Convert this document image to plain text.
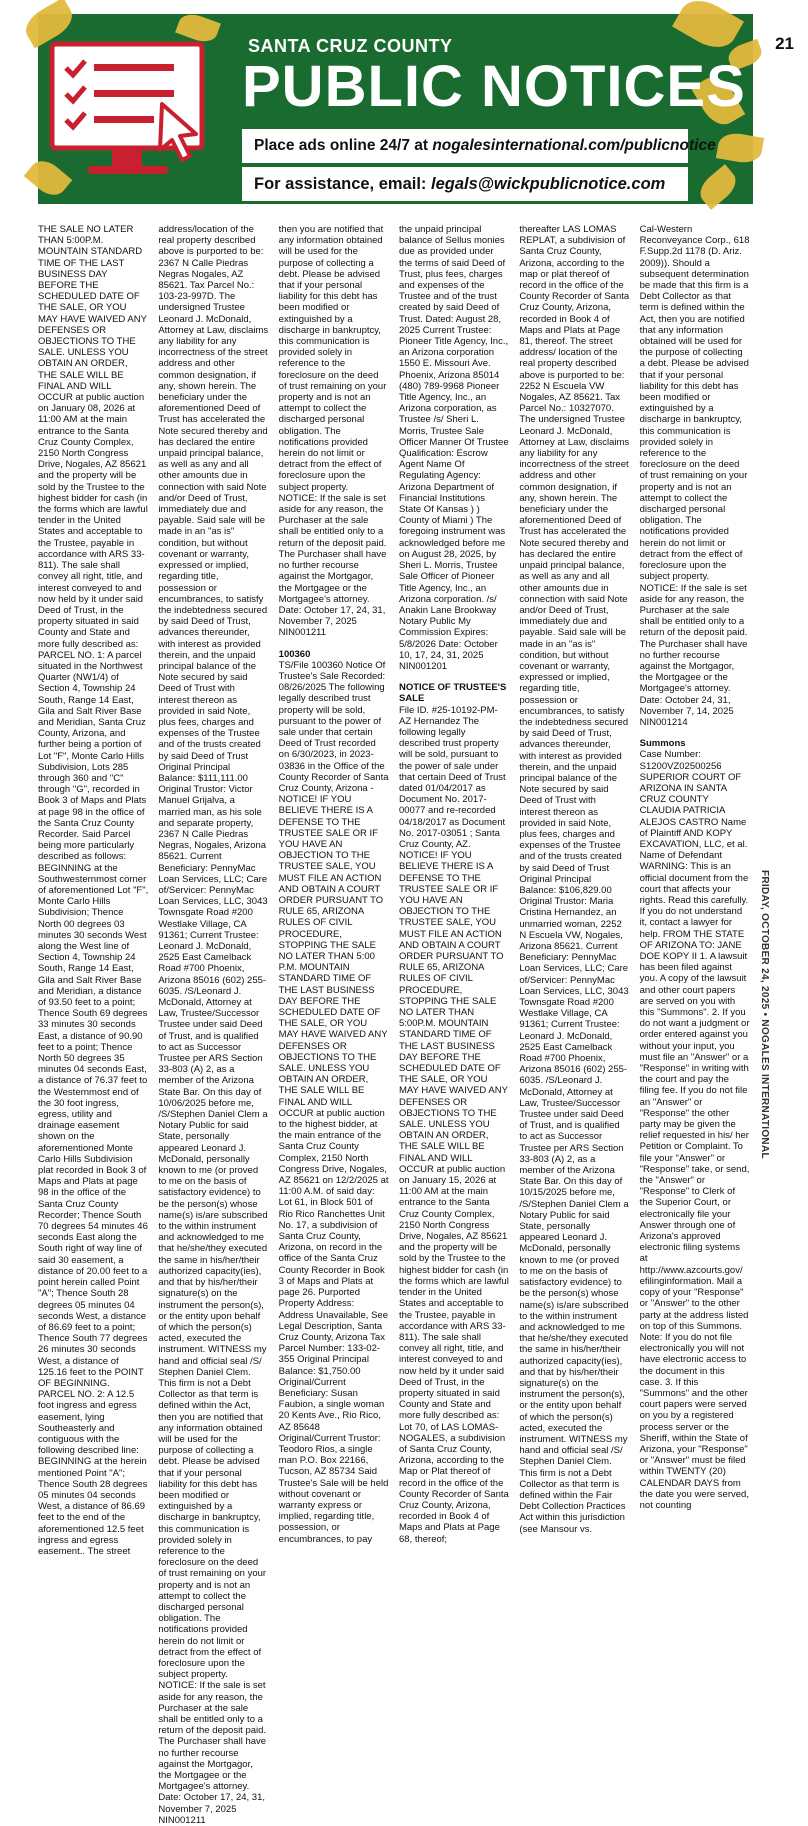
21
SANTA CRUZ COUNTY
PUBLIC NOTICES
Place ads online 24/7 at nogalesinternational.com/publicnotice
For assistance, email: legals@wickpublicnotice.com

THE SALE NO LATER THAN 5:00P.M. MOUNTAIN STANDARD TIME OF THE LAST BUSINESS DAY BEFORE THE SCHEDULED DATE OF THE SALE, OR YOU MAY HAVE WAIVED ANY DEFENSES OR OBJECTIONS TO THE SALE. UNLESS YOU OBTAIN AN ORDER, THE SALE WILL BE FINAL AND WILL OCCUR at public auction on January 08, 2026 at 11:00 AM at the main entrance to the Santa Cruz County Complex, 2150 North Congress Drive, Nogales, AZ 85621 and the property will be sold by the Trustee to the highest bidder for cash (in the forms which are lawful tender in the United States and acceptable to the Trustee, payable in accordance with ARS 33-811). The sale shall convey all right, title, and interest conveyed to and now held by it under said Deed of Trust, in the property situated in said County and State and more fully described as: PARCEL NO. 1: A parcel situated in the Northwest Quarter (NW1/4) of Section 4, Township 24 South, Range 14 East, Gila and Salt River Base and Meridian, Santa Cruz County, Arizona, and further being a portion of Lot "F", Monte Carlo Hills Subdivision, Lots 285 through 360 and "C" through "G", recorded in Book 3 of Maps and Plats at page 98 in the office of the Santa Cruz County Recorder. Said Parcel being more particularly described as follows: BEGINNING at the Southwesternmost corner of aforementioned Lot "F", Monte Carlo Hills Subdivision; Thence North 00 degrees 03 minutes 30 seconds West along the West line of Section 4, Township 24 South, Range 14 East, Gila and Salt River Base and Meridian, a distance of 93.50 feet to a point; Thence South 69 degrees 33 minutes 30 seconds East, a distance of 90.90 feet to a point; Thence North 50 degrees 35 minutes 04 seconds East, a distance of 76.37 feet to the Westernmost end of the 30 foot ingress, egress, utility and drainage easement shown on the aforementioned Monte Carlo Hills Subdivision plat recorded in Book 3 of Maps and Plats at page 98 in the office of the Santa Cruz County Recorder; Thence South 70 degrees 54 minutes 46 seconds East along the South right of way line of said 30 easement, a distance of 20.00 feet to a point herein called Point "A"; Thence South 28 degrees 05 minutes 04 seconds West, a distance of 86.69 feet to a point; Thence South 77 degrees 26 minutes 30 seconds West, a distance of 125.16 feet to the POINT OF BEGINNING. PARCEL NO. 2: A 12.5 foot ingress and egress easement, lying Southeasterly and contiguous with the following described line: BEGINNING at the herein mentioned Point "A"; Thence South 28 degrees 05 minutes 04 seconds West, a distance of 86.69 feet to the end of the aforementioned 12.5 feet ingress and egress easement.. The street

address/location of the real property described above is purported to be: 2367 N Calle Piedras Negras Nogales, AZ 85621. Tax Parcel No.: 103-23-997D. The undersigned Trustee Leonard J. McDonald, Attorney at Law, disclaims any liability for any incorrectness of the street address and other common designation, if any, shown herein. The beneficiary under the aforementioned Deed of Trust has accelerated the Note secured thereby and has declared the entire unpaid principal balance, as well as any and all other amounts due in connection with said Note and/or Deed of Trust, immediately due and payable. Said sale will be made in an "as is" condition, but without covenant or warranty, expressed or implied, regarding title, possession or encumbrances, to satisfy the indebtedness secured by said Deed of Trust, advances thereunder, with interest as provided therein, and the unpaid principal balance of the Note secured by said Deed of Trust with interest thereon as provided in said Note, plus fees, charges and expenses of the Trustee and of the trusts created by said Deed of Trust Original Principal Balance: $111,111.00 Original Trustor: Victor Manuel Grijalva, a married man, as his sole and separate property, 2367 N Calle Piedras Negras, Nogales, Arizona 85621. Current Beneficiary: PennyMac Loan Services, LLC; Care of/Servicer: PennyMac Loan Services, LLC, 3043 Townsgate Road #200 Westlake Village, CA 91361; Current Trustee: Leonard J. McDonald, 2525 East Camelback Road #700 Phoenix, Arizona 85016 (602) 255-6035. /S/Leonard J. McDonald, Attorney at Law, Trustee/Successor Trustee under said Deed of Trust, and is qualified to act as Successor Trustee per ARS Section 33-803 (A) 2, as a member of the Arizona State Bar. On this day of 10/06/2025 before me, /S/Stephen Daniel Clem a Notary Public for said State, personally appeared Leonard J. McDonald, personally known to me (or proved to me on the basis of satisfactory evidence) to be the person(s) whose name(s) is/are subscribed to the within instrument and acknowledged to me that he/she/they executed the same in his/her/their authorized capacity(ies), and that by his/her/their signature(s) on the instrument the person(s), or the entity upon behalf of which the person(s) acted, executed the instrument. WITNESS my hand and official seal /S/ Stephen Daniel Clem. This firm is not a Debt Collector as that term is defined within the Act, then you are notified that any information obtained will be used for the purpose of collecting a debt. Please be advised that if your personal liability for this debt has been modified or extinguished by a discharge in bankruptcy, this communication is provided solely in reference to the foreclosure on the deed of trust remaining on your property and is not an attempt to collect the discharged personal obligation. The notifications provided herein do not limit or detract from the effect of foreclosure upon the subject property. NOTICE: If the sale is set aside for any reason, the Purchaser at the sale shall be entitled only to a return of the deposit paid. The Purchaser shall have no further recourse against the Mortgagor, the Mortgagee or the Mortgagee's attorney. Date: October 17, 24, 31, November 7, 2025 NIN001211

then you are notified that any information obtained will be used for the purpose of collecting a debt. Please be advised that if your personal liability for this debt has been modified or extinguished by a discharge in bankruptcy, this communication is provided solely in reference to the foreclosure on the deed of trust remaining on your property and is not an attempt to collect the discharged personal obligation. The notifications provided herein do not limit or detract from the effect of foreclosure upon the subject property. NOTICE: If the sale is set aside for any reason, the Purchaser at the sale shall be entitled only to a return of the deposit paid. The Purchaser shall have no further recourse against the Mortgagor, the Mortgagee or the Mortgagee's attorney. Date: October 17, 24, 31, November 7, 2025 NIN001211

100360

TS/File 100360 Notice Of Trustee's Sale Recorded: 08/26/2025 The following legally described trust property will be sold, pursuant to the power of sale under that certain Deed of Trust recorded on 6/30/2023, in 2023-03836 in the Office of the County Recorder of Santa Cruz County, Arizona - NOTICE! IF YOU BELIEVE THERE IS A DEFENSE TO THE TRUSTEE SALE OR IF YOU HAVE AN OBJECTION TO THE TRUSTEE SALE, YOU MUST FILE AN ACTION AND OBTAIN A COURT ORDER PURSUANT TO RULE 65, ARIZONA RULES OF CIVIL PROCEDURE, STOPPING THE SALE NO LATER THAN 5:00 P.M. MOUNTAIN STANDARD TIME OF THE LAST BUSINESS DAY BEFORE THE SCHEDULED DATE OF THE SALE, OR YOU MAY HAVE WAIVED ANY DEFENSES OR OBJECTIONS TO THE SALE. UNLESS YOU OBTAIN AN ORDER, THE SALE WILL BE FINAL AND WILL OCCUR at public auction to the highest bidder, at the main entrance of the Santa Cruz County Complex, 2150 North Congress Drive, Nogales, AZ 85621 on 12/2/2025 at 11:00 A.M. of said day: Lot 61, in Block 501 of Rio Rico Ranchettes Unit No. 17, a subdivision of Santa Cruz County, Arizona, on record in the office of the Santa Cruz County Recorder in Book 3 of Maps and Plats at page 26. Purported Property Address: Address Unavailable, See Legal Description, Santa Cruz County, Arizona Tax Parcel Number: 133-02-355 Original Principal Balance: $1,750.00 Original/Current Beneficiary: Susan Faubion, a single woman 20 Kents Ave., Rio Rico, AZ 85648 Original/Current Trustor: Teodoro Rios, a single man P.O. Box 22166, Tucson, AZ 85734 Said Trustee's Sale will be held without covenant or warranty express or implied, regarding title, possession, or encumbrances, to pay

the unpaid principal balance of Sellus monies due as provided under the terms of said Deed of Trust, plus fees, charges and expenses of the Trustee and of the trust created by said Deed of Trust. Dated: August 28, 2025 Current Trustee: Pioneer Title Agency, Inc., an Arizona corporation 1550 E. Missouri Ave. Phoenix, Arizona 85014 (480) 789-9968 Pioneer Title Agency, Inc., an Arizona corporation, as Trustee /s/ Sheri L. Morris, Trustee Sale Officer Manner Of Trustee Qualification: Escrow Agent Name Of Regulating Agency: Arizona Department of Financial Institutions State Of Kansas ) ) County of Miami ) The foregoing instrument was acknowledged before me on August 28, 2025, by Sheri L. Morris, Trustee Sale Officer of Pioneer Title Agency, Inc., an Arizona corporation. /s/ Anakin Lane Brookway Notary Public My Commission Expires: 5/8/2026 Date: October 10, 17, 24, 31, 2025 NIN001201

NOTICE OF TRUSTEE'S SALE

File ID. #25-10192-PM-AZ Hernandez The following legally described trust property will be sold, pursuant to the power of sale under that certain Deed of Trust dated 01/04/2017 as Document No. 2017-00077 and re-recorded 04/18/2017 as Document No. 2017-03051 ; Santa Cruz County, AZ. NOTICE! IF YOU BELIEVE THERE IS A DEFENSE TO THE TRUSTEE SALE OR IF YOU HAVE AN OBJECTION TO THE TRUSTEE SALE, YOU MUST FILE AN ACTION AND OBTAIN A COURT ORDER PURSUANT TO RULE 65, ARIZONA RULES OF CIVIL PROCEDURE, STOPPING THE SALE NO LATER THAN 5:00P.M. MOUNTAIN STANDARD TIME OF THE LAST BUSINESS DAY BEFORE THE SCHEDULED DATE OF THE SALE, OR YOU MAY HAVE WAIVED ANY DEFENSES OR OBJECTIONS TO THE SALE. UNLESS YOU OBTAIN AN ORDER, THE SALE WILL BE FINAL AND WILL OCCUR at public auction on January 15, 2026 at 11:00 AM at the main entrance to the Santa Cruz County Complex, 2150 North Congress Drive, Nogales, AZ 85621 and the property will be sold by the Trustee to the highest bidder for cash (in the forms which are lawful tender in the United States and acceptable to the Trustee, payable in accordance with ARS 33-811). The sale shall convey all right, title, and interest conveyed to and now held by it under said Deed of Trust, in the property situated in said County and State and more fully described as: Lot 70, of LAS LOMAS-NOGALES, a subdivision of Santa Cruz County, Arizona, according to the Map or Plat thereof of record in the office of the County Recorder of Santa Cruz County, Arizona, recorded in Book 4 of Maps and Plats at Page 68, thereof;

thereafter LAS LOMAS REPLAT, a subdivision of Santa Cruz County, Arizona, according to the map or plat thereof of record in the office of the County Recorder of Santa Cruz County, Arizona, recorded in Book 4 of Maps and Plats at Page 81, thereof. The street address/ location of the real property described above is purported to be: 2252 N Escuela VW Nogales, AZ 85621. Tax Parcel No.: 10327070. The undersigned Trustee Leonard J. McDonald, Attorney at Law, disclaims any liability for any incorrectness of the street address and other common designation, if any, shown herein. The beneficiary under the aforementioned Deed of Trust has accelerated the Note secured thereby and has declared the entire unpaid principal balance, as well as any and all other amounts due in connection with said Note and/or Deed of Trust, immediately due and payable. Said sale will be made in an "as is" condition, but without covenant or warranty, expressed or implied, regarding title, possession or encumbrances, to satisfy the indebtedness secured by said Deed of Trust, advances thereunder, with interest as provided therein, and the unpaid principal balance of the Note secured by said Deed of Trust with interest thereon as provided in said Note, plus fees, charges and expenses of the Trustee and of the trusts created by said Deed of Trust Original Principal Balance: $106,829.00 Original Trustor: Maria Cristina Hernandez, an unmarried woman, 2252 N Escuela VW, Nogales, Arizona 85621. Current Beneficiary: PennyMac Loan Services, LLC; Care of/Servicer: PennyMac Loan Services, LLC, 3043 Townsgate Road #200 Westlake Village, CA 91361; Current Trustee: Leonard J. McDonald, 2525 East Camelback Road #700 Phoenix, Arizona 85016 (602) 255-6035. /S/Leonard J. McDonald, Attorney at Law, Trustee/Successor Trustee under said Deed of Trust, and is qualified to act as Successor Trustee per ARS Section 33-803 (A) 2, as a member of the Arizona State Bar. On this day of 10/15/2025 before me, /S/Stephen Daniel Clem a Notary Public for said State, personally appeared Leonard J. McDonald, personally known to me (or proved to me on the basis of satisfactory evidence) to be the person(s) whose name(s) is/are subscribed to the within instrument and acknowledged to me that he/she/they executed the same in his/her/their authorized capacity(ies), and that by his/her/their signature(s) on the instrument the person(s), or the entity upon behalf of which the person(s) acted, executed the instrument. WITNESS my hand and official seal /S/ Stephen Daniel Clem. This firm is not a Debt Collector as that term is defined within the Fair Debt Collection Practices Act within this jurisdiction (see Mansour vs.

Cal-Western Reconveyance Corp., 618 F.Supp.2d 1178 (D. Ariz. 2009)). Should a subsequent determination be made that this firm is a Debt Collector as that term is defined within the Act, then you are notified that any information obtained will be used for the purpose of collecting a debt. Please be advised that if your personal liability for this debt has been modified or extinguished by a discharge in bankruptcy, this communication is provided solely in reference to the foreclosure on the deed of trust remaining on your property and is not an attempt to collect the discharged personal obligation. The notifications provided herein do not limit or detract from the effect of foreclosure upon the subject property. NOTICE: If the sale is set aside for any reason, the Purchaser at the sale shall be entitled only to a return of the deposit paid. The Purchaser shall have no further recourse against the Mortgagor, the Mortgagee or the Mortgagee's attorney. Date: October 24, 31, November 7, 14, 2025 NIN001214

Summons

Case Number: S1200VZ02500256 SUPERIOR COURT OF ARIZONA IN SANTA CRUZ COUNTY CLAUDIA PATRICIA ALEJOS CASTRO Name of Plaintiff AND KOPY EXCAVATION, LLC, et al. Name of Defendant WARNING: This is an official document from the court that affects your rights. Read this carefully. If you do not understand it, contact a lawyer for help. FROM THE STATE OF ARIZONA TO: JANE DOE KOPY II 1. A lawsuit has been filed against you. A copy of the lawsuit and other court papers are served on you with this "Summons". 2. If you do not want a judgment or order entered against you without your input, you must file an "Answer" or a "Response" in writing with the court and pay the filing fee. If you do not file an "Answer" or "Response" the other party may be given the relief requested in his/ her Petition or Complaint. To file your "Answer" or "Response" take, or send, the "Answer" or "Response" to Clerk of the Superior Court, or electronically file your Answer through one of Arizona's approved electronic filing systems at http://www.azcourts.gov/ efilinginformation. Mail a copy of your "Response" or "Answer" to the other party at the address listed on top of this Summons. Note: If you do not file electronically you will not have electronic access to the document in this case. 3. If this "Summons" and the other court papers were served on you by a registered process server or the Sheriff, within the State of Arizona, your "Response" or "Answer" must be filed within TWENTY (20) CALENDAR DAYS from the date you were served, not counting

FRIDAY, OCTOBER 24, 2025 • NOGALES INTERNATIONAL
